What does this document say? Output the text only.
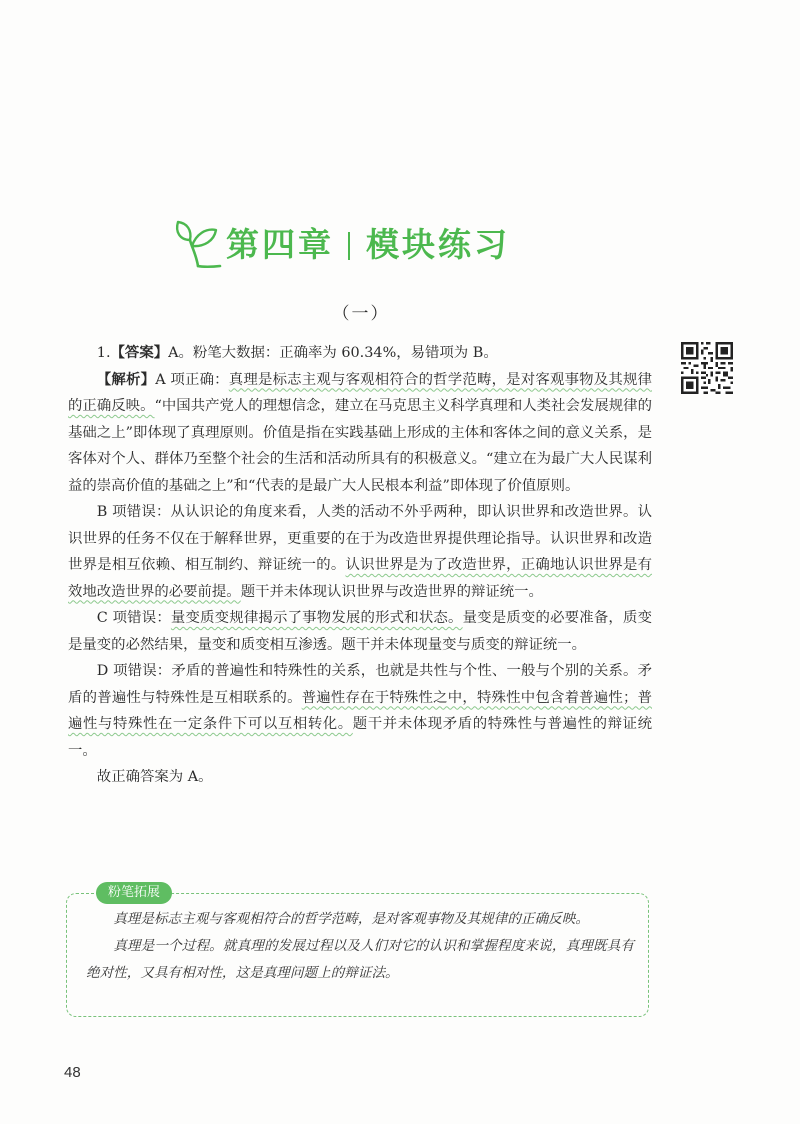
第四章 模块练习
（一）

1.【答案】A。粉笔大数据：正确率为 60.34%，易错项为 B。

【解析】A 项正确：真理是标志主观与客观相符合的哲学范畴，是对客观事物及其规律的正确反映。“中国共产党人的理想信念，建立在马克思主义科学真理和人类社会发展规律的基础之上”即体现了真理原则。价值是指在实践基础上形成的主体和客体之间的意义关系，是客体对个人、群体乃至整个社会的生活和活动所具有的积极意义。“建立在为最广大人民谋利益的崇高价值的基础之上”和“代表的是最广大人民根本利益”即体现了价值原则。

B 项错误：从认识论的角度来看，人类的活动不外乎两种，即认识世界和改造世界。认识世界的任务不仅在于解释世界，更重要的在于为改造世界提供理论指导。认识世界和改造世界是相互依赖、相互制约、辩证统一的。认识世界是为了改造世界，正确地认识世界是有效地改造世界的必要前提。题干并未体现认识世界与改造世界的辩证统一。

C 项错误：量变质变规律揭示了事物发展的形式和状态。量变是质变的必要准备，质变是量变的必然结果，量变和质变相互渗透。题干并未体现量变与质变的辩证统一。

D 项错误：矛盾的普遍性和特殊性的关系，也就是共性与个性、一般与个别的关系。矛盾的普遍性与特殊性是互相联系的。普遍性存在于特殊性之中，特殊性中包含着普遍性；普遍性与特殊性在一定条件下可以互相转化。题干并未体现矛盾的特殊性与普遍性的辩证统一。

故正确答案为 A。

粉笔拓展

真理是标志主观与客观相符合的哲学范畴，是对客观事物及其规律的正确反映。

真理是一个过程。就真理的发展过程以及人们对它的认识和掌握程度来说，真理既具有绝对性，又具有相对性，这是真理问题上的辩证法。

48
